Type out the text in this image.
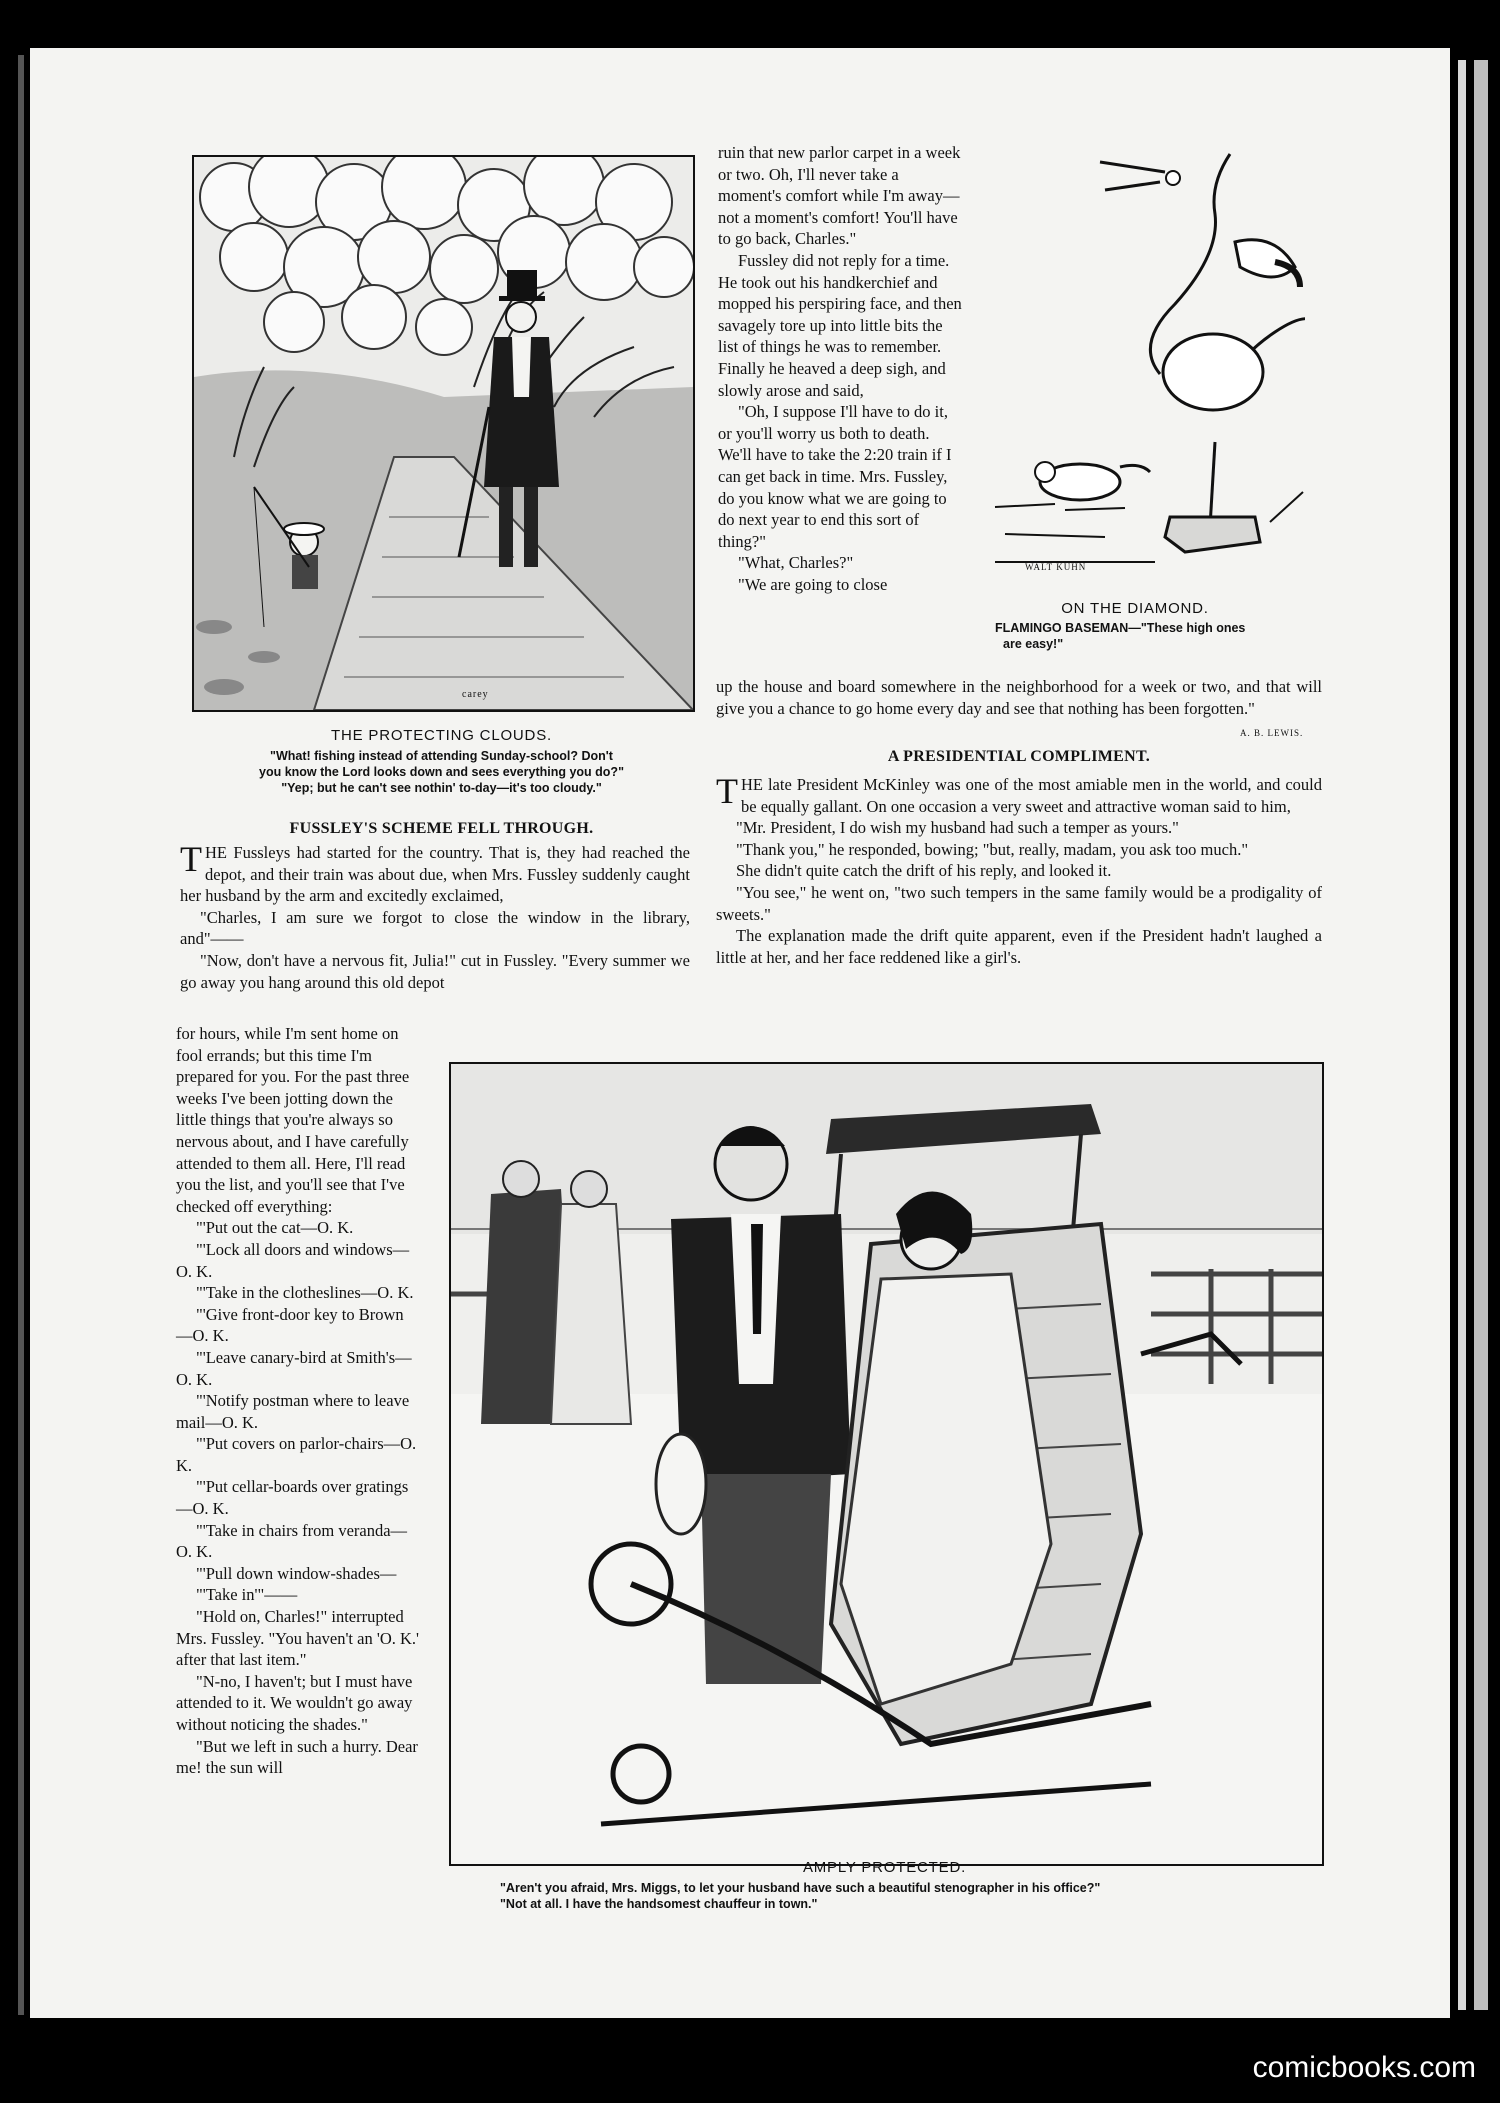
carey
THE PROTECTING CLOUDS.
"What! fishing instead of attending Sunday-school? Don't
you know the Lord looks down and sees everything you do?"
"Yep; but he can't see nothin' to-day—it's too cloudy."
FUSSLEY'S SCHEME FELL THROUGH.

THE Fussleys had started for the country. That is, they had reached the depot, and their train was about due, when Mrs. Fussley suddenly caught her husband by the arm and excitedly exclaimed,

"Charles, I am sure we forgot to close the window in the library, and"——

"Now, don't have a nervous fit, Julia!" cut in Fussley. "Every summer we go away you hang around this old depot

for hours, while I'm sent home on fool errands; but this time I'm prepared for you. For the past three weeks I've been jotting down the little things that you're always so nervous about, and I have carefully attended to them all. Here, I'll read you the list, and you'll see that I've checked off everything:

"'Put out the cat—O. K.

"'Lock all doors and windows—O. K.

"'Take in the clotheslines—O. K.

"'Give front-door key to Brown—O. K.

"'Leave canary-bird at Smith's—O. K.

"'Notify postman where to leave mail—O. K.

"'Put covers on parlor-chairs—O. K.

"'Put cellar-boards over gratings—O. K.

"'Take in chairs from veranda—O. K.

"'Pull down window-shades—

"'Take in'"——

"Hold on, Charles!" interrupted Mrs. Fussley. "You haven't an 'O. K.' after that last item."

"N-no, I haven't; but I must have attended to it. We wouldn't go away without noticing the shades."

"But we left in such a hurry. Dear me! the sun will

ruin that new parlor carpet in a week or two. Oh, I'll never take a moment's comfort while I'm away—not a moment's comfort! You'll have to go back, Charles."

Fussley did not reply for a time. He took out his handkerchief and mopped his perspiring face, and then savagely tore up into little bits the list of things he was to remember. Finally he heaved a deep sigh, and slowly arose and said,

"Oh, I suppose I'll have to do it, or you'll worry us both to death. We'll have to take the 2:20 train if I can get back in time. Mrs. Fussley, do you know what we are going to do next year to end this sort of thing?"

"What, Charles?"

"We are going to close

up the house and board somewhere in the neighborhood for a week or two, and that will give you a chance to go home every day and see that nothing has been forgotten."

A. B. LEWIS.
WALT KUHN
ON THE DIAMOND.
FLAMINGO BASEMAN—"These high ones
are easy!"
A PRESIDENTIAL COMPLIMENT.

THE late President McKinley was one of the most amiable men in the world, and could be equally gallant. On one occasion a very sweet and attractive woman said to him,

"Mr. President, I do wish my husband had such a temper as yours."

"Thank you," he responded, bowing; "but, really, madam, you ask too much."

She didn't quite catch the drift of his reply, and looked it.

"You see," he went on, "two such tempers in the same family would be a prodigality of sweets."

The explanation made the drift quite apparent, even if the President hadn't laughed a little at her, and her face reddened like a girl's.

AMPLY PROTECTED.
"Aren't you afraid, Mrs. Miggs, to let your husband have such a beautiful stenographer in his office?"
"Not at all. I have the handsomest chauffeur in town."
comicbooks.com
